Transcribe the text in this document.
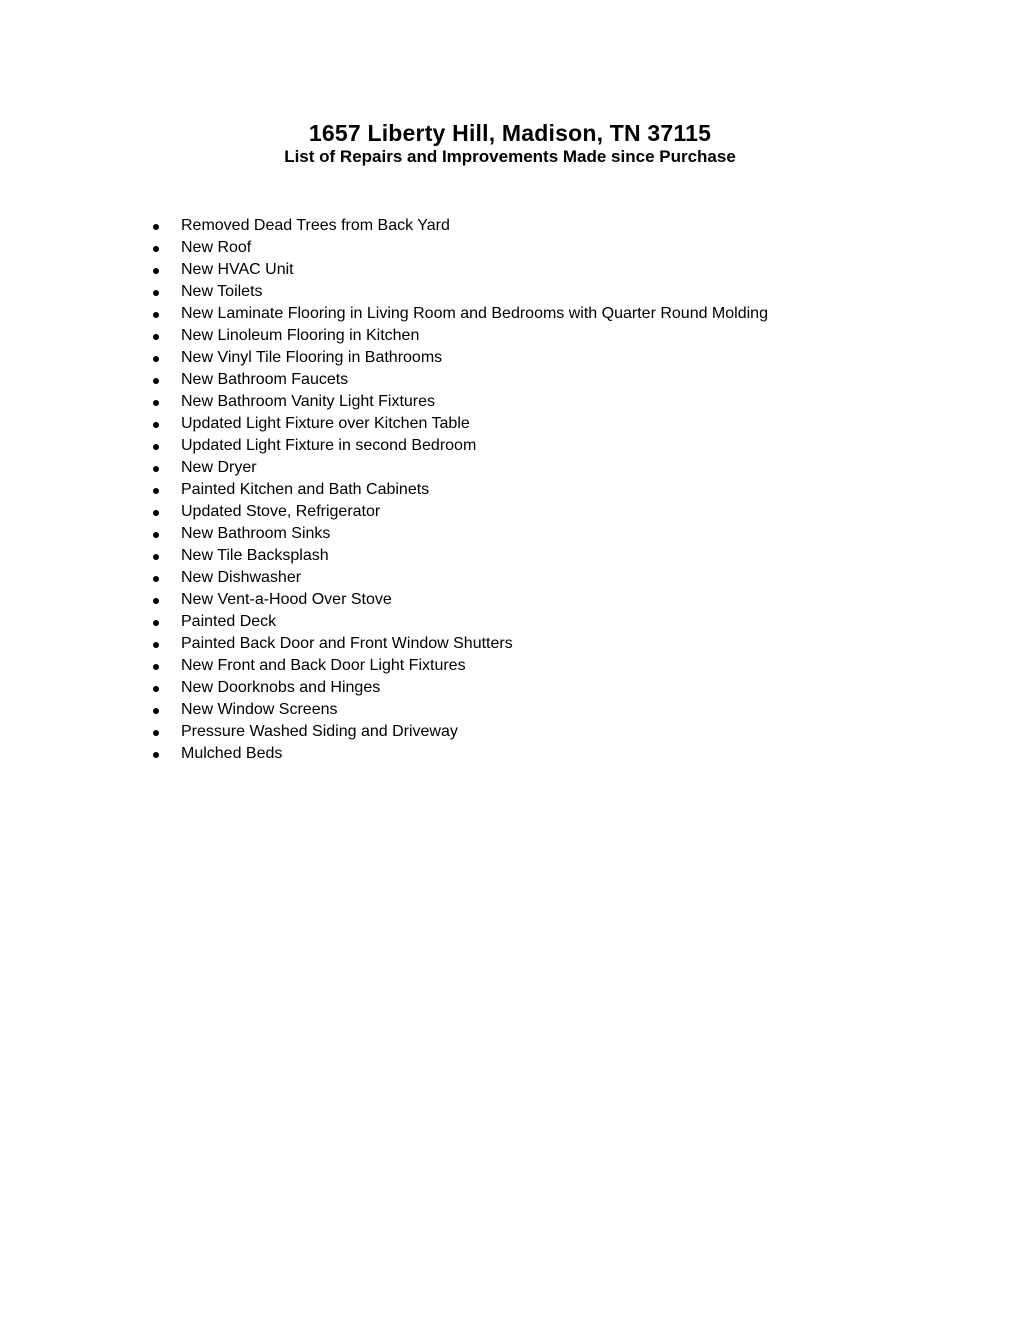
1657 Liberty Hill, Madison, TN 37115
List of Repairs and Improvements Made since Purchase
Removed Dead Trees from Back Yard
New Roof
New HVAC Unit
New Toilets
New Laminate Flooring in Living Room and Bedrooms with Quarter Round Molding
New Linoleum Flooring in Kitchen
New Vinyl Tile Flooring in Bathrooms
New Bathroom Faucets
New Bathroom Vanity Light Fixtures
Updated Light Fixture over Kitchen Table
Updated Light Fixture in second Bedroom
New Dryer
Painted Kitchen and Bath Cabinets
Updated Stove, Refrigerator
New Bathroom Sinks
New Tile Backsplash
New Dishwasher
New Vent-a-Hood Over Stove
Painted Deck
Painted Back Door and Front Window Shutters
New Front and Back Door Light Fixtures
New Doorknobs and Hinges
New Window Screens
Pressure Washed Siding and Driveway
Mulched Beds
